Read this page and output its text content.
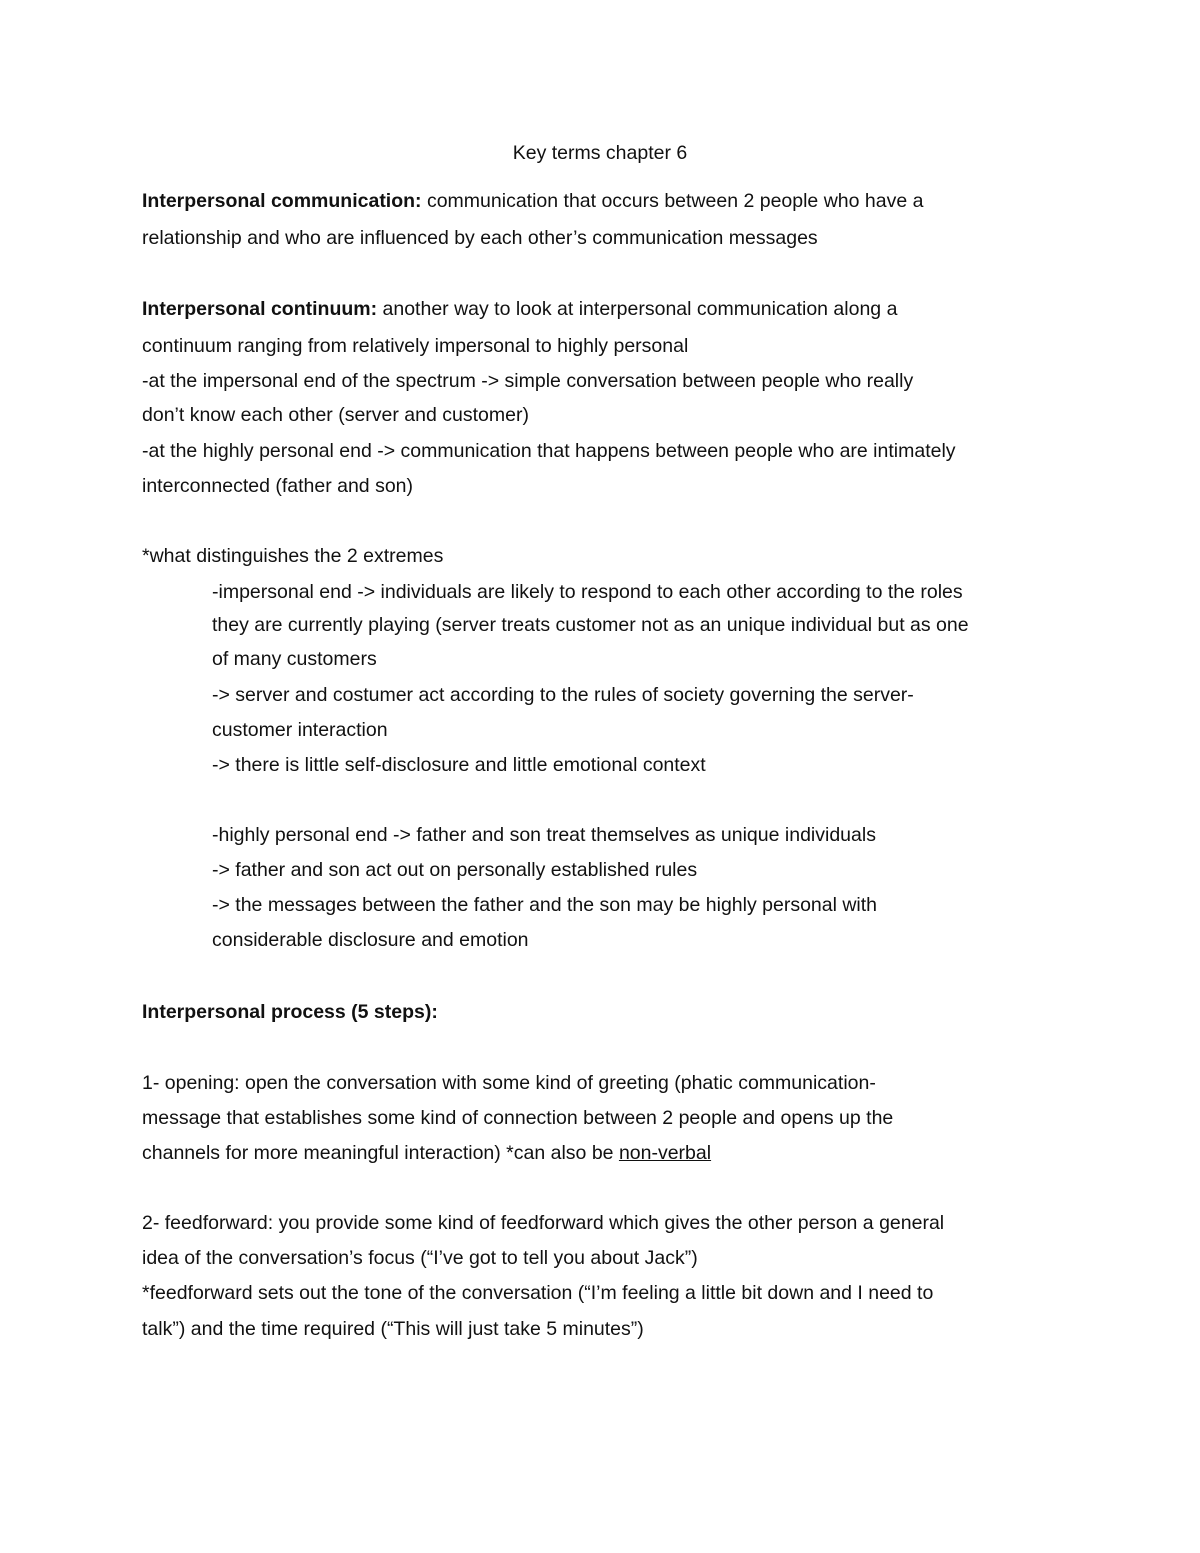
Key terms chapter 6
Interpersonal communication: communication that occurs between 2 people who have a
relationship and who are influenced by each other’s communication messages
Interpersonal continuum: another way to look at interpersonal communication along a
continuum ranging from relatively impersonal to highly personal
-at the impersonal end of the spectrum -> simple conversation between people who really
don’t know each other (server and customer)
-at the highly personal end -> communication that happens between people who are intimately
interconnected (father and son)
*what distinguishes the 2 extremes
-impersonal end -> individuals are likely to respond to each other according to the roles
they are currently playing (server treats customer not as an unique individual but as one
of many customers
-> server and costumer act according to the rules of society governing the server-
customer interaction
-> there is little self-disclosure and little emotional context
-highly personal end -> father and son treat themselves as unique individuals
-> father and son act out on personally established rules
-> the messages between the father and the son may be highly personal with
considerable disclosure and emotion
Interpersonal process (5 steps):
1- opening: open the conversation with some kind of greeting (phatic communication-
message that establishes some kind of connection between 2 people and opens up the
channels for more meaningful interaction) *can also be non-verbal
2- feedforward: you provide some kind of feedforward which gives the other person a general
idea of the conversation’s focus (“I’ve got to tell you about Jack”)
*feedforward sets out the tone of the conversation (“I’m feeling a little bit down and I need to
talk”) and the time required (“This will just take 5 minutes”)
